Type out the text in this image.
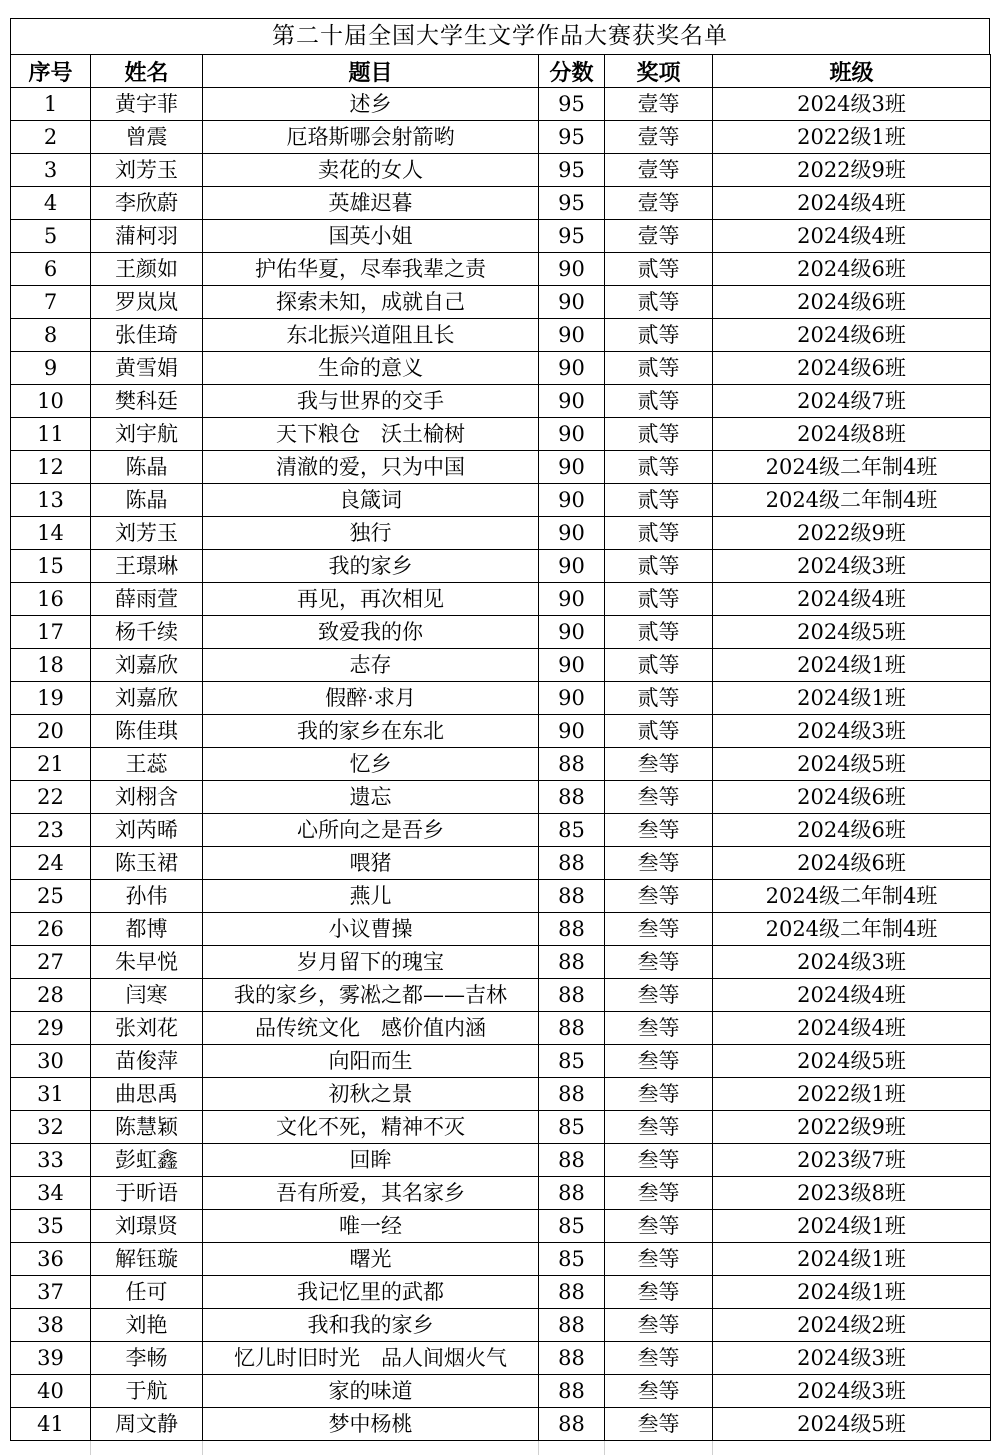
第二十届全国大学生文学作品大赛获奖名单
序号	姓名	题目	分数	奖项	班级
1	黄宇菲	述乡	95	壹等	2024级3班
2	曾震	厄珞斯哪会射箭哟	95	壹等	2022级1班
3	刘芳玉	卖花的女人	95	壹等	2022级9班
4	李欣蔚	英雄迟暮	95	壹等	2024级4班
5	蒲柯羽	国英小姐	95	壹等	2024级4班
6	王颜如	护佑华夏，尽奉我辈之责	90	贰等	2024级6班
7	罗岚岚	探索未知，成就自己	90	贰等	2024级6班
8	张佳琦	东北振兴道阻且长	90	贰等	2024级6班
9	黄雪娟	生命的意义	90	贰等	2024级6班
10	樊科廷	我与世界的交手	90	贰等	2024级7班
11	刘宇航	天下粮仓　沃土榆树	90	贰等	2024级8班
12	陈晶	清澈的爱，只为中国	90	贰等	2024级二年制4班
13	陈晶	良箴词	90	贰等	2024级二年制4班
14	刘芳玉	独行	90	贰等	2022级9班
15	王璟琳	我的家乡	90	贰等	2024级3班
16	薛雨萱	再见，再次相见	90	贰等	2024级4班
17	杨千续	致爱我的你	90	贰等	2024级5班
18	刘嘉欣	志存	90	贰等	2024级1班
19	刘嘉欣	假醉·求月	90	贰等	2024级1班
20	陈佳琪	我的家乡在东北	90	贰等	2024级3班
21	王蕊	忆乡	88	叁等	2024级5班
22	刘栩含	遗忘	88	叁等	2024级6班
23	刘芮晞	心所向之是吾乡	85	叁等	2024级6班
24	陈玉裙	喂猪	88	叁等	2024级6班
25	孙伟	燕儿	88	叁等	2024级二年制4班
26	都博	小议曹操	88	叁等	2024级二年制4班
27	朱早悦	岁月留下的瑰宝	88	叁等	2024级3班
28	闫寒	我的家乡，雾凇之都——吉林	88	叁等	2024级4班
29	张刘花	品传统文化　感价值内涵	88	叁等	2024级4班
30	苗俊萍	向阳而生	85	叁等	2024级5班
31	曲思禹	初秋之景	88	叁等	2022级1班
32	陈慧颖	文化不死，精神不灭	85	叁等	2022级9班
33	彭虹鑫	回眸	88	叁等	2023级7班
34	于昕语	吾有所爱，其名家乡	88	叁等	2023级8班
35	刘璟贤	唯一经	85	叁等	2024级1班
36	解钰璇	曙光	85	叁等	2024级1班
37	任可	我记忆里的武都	88	叁等	2024级1班
38	刘艳	我和我的家乡	88	叁等	2024级2班
39	李畅	忆儿时旧时光　品人间烟火气	88	叁等	2024级3班
40	于航	家的味道	88	叁等	2024级3班
41	周文静	梦中杨桃	88	叁等	2024级5班
